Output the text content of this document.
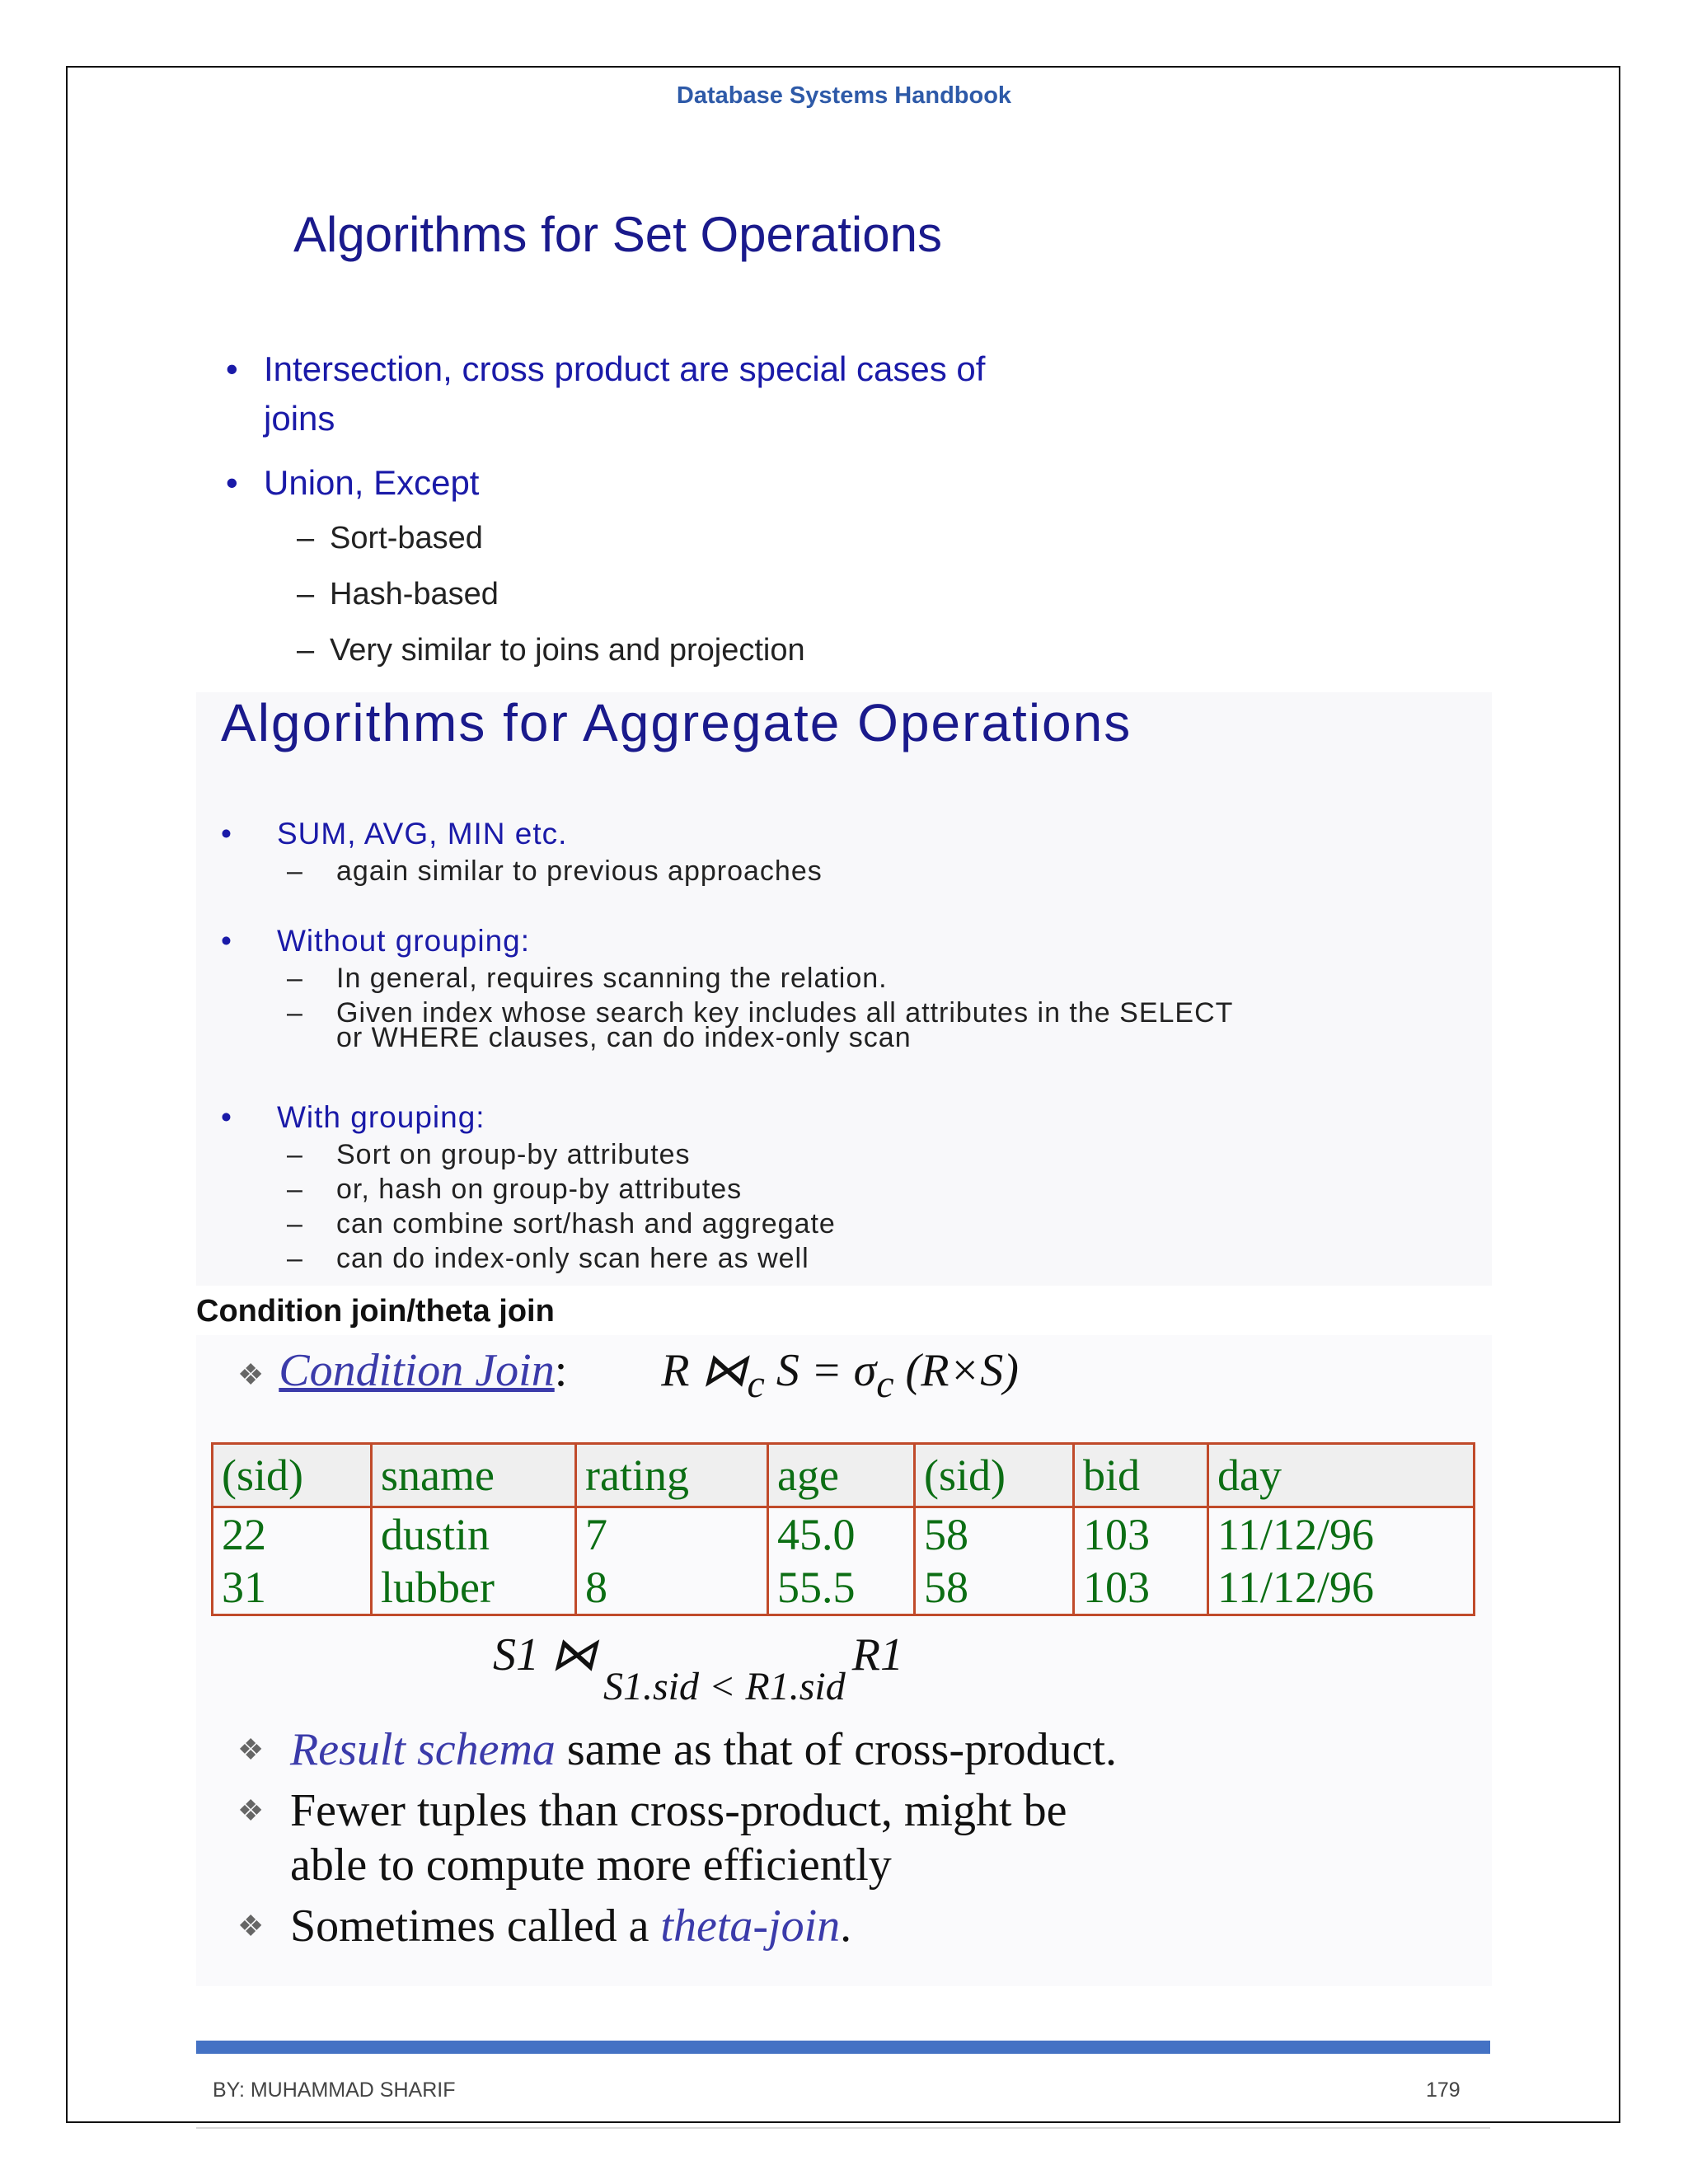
Database Systems Handbook
Algorithms for Set Operations
• Intersection, cross product are special cases of
joins
• Union, Except
– Sort-based
– Hash-based
– Very similar to joins and projection
Algorithms for Aggregate Operations
• SUM, AVG, MIN etc.
– again similar to previous approaches
• Without grouping:
– In general, requires scanning the relation.
– Given index whose search key includes all attributes in the SELECT
or WHERE clauses, can do index-only scan
• With grouping:
– Sort on group-by attributes
– or, hash on group-by attributes
– can combine sort/hash and aggregate
– can do index-only scan here as well
Condition join/theta join
❖ Condition Join: R $⋈_c$ $S = \sigma_c$ (R×S)
(sid)	sname	rating	age	(sid)	bid	day
22	dustin	7	45.0	58	103	11/12/96
31	lubber	8	55.5	58	103	11/12/96
S1 ⋈S1.sid < R1.sidR1
❖ Result schema same as that of cross-product.
❖ Fewer tuples than cross-product, might be
able to compute more efficiently
❖ Sometimes called a theta-join.
BY: MUHAMMAD SHARIF	179
